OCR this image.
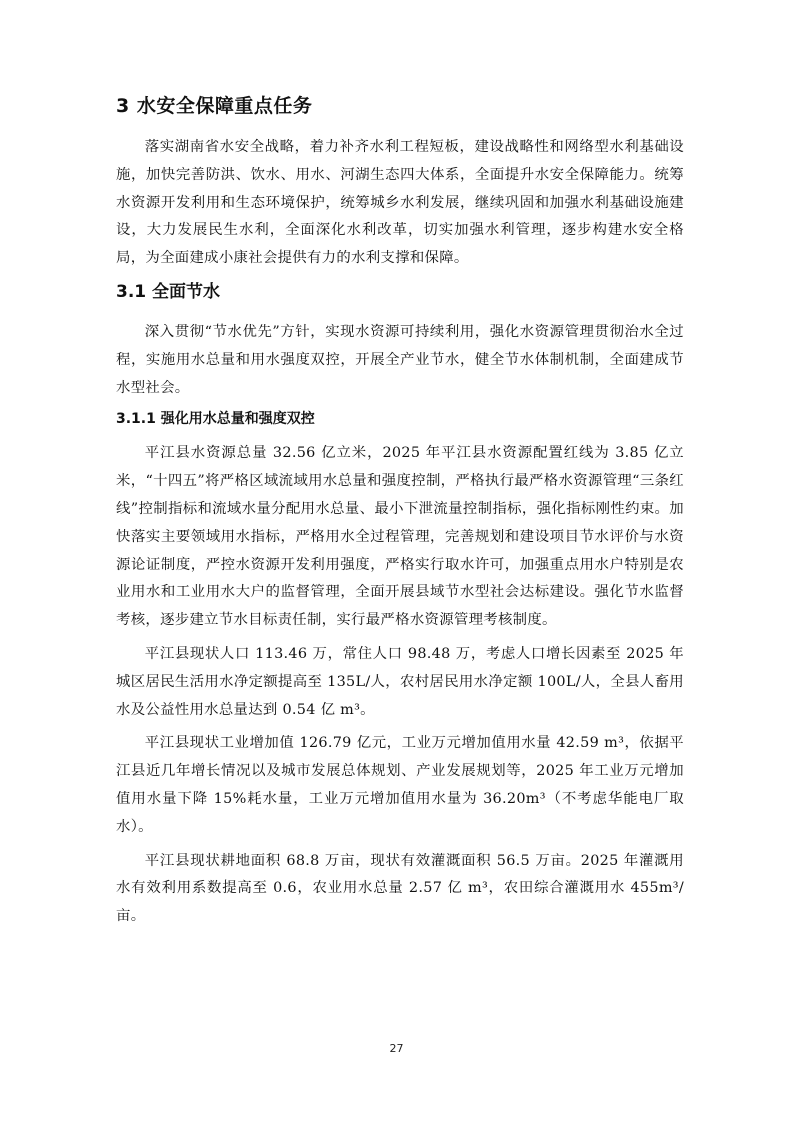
3 水安全保障重点任务

落实湖南省水安全战略，着力补齐水利工程短板，建设战略性和网络型水利基础设施，加快完善防洪、饮水、用水、河湖生态四大体系，全面提升水安全保障能力。统筹水资源开发利用和生态环境保护，统筹城乡水利发展，继续巩固和加强水利基础设施建设，大力发展民生水利，全面深化水利改革，切实加强水利管理，逐步构建水安全格局，为全面建成小康社会提供有力的水利支撑和保障。

3.1 全面节水

深入贯彻“节水优先”方针，实现水资源可持续利用，强化水资源管理贯彻治水全过程，实施用水总量和用水强度双控，开展全产业节水，健全节水体制机制，全面建成节水型社会。

3.1.1 强化用水总量和强度双控

平江县水资源总量 32.56 亿立米，2025 年平江县水资源配置红线为 3.85 亿立米，“十四五”将严格区域流域用水总量和强度控制，严格执行最严格水资源管理“三条红线”控制指标和流域水量分配用水总量、最小下泄流量控制指标，强化指标刚性约束。加快落实主要领域用水指标，严格用水全过程管理，完善规划和建设项目节水评价与水资源论证制度，严控水资源开发利用强度，严格实行取水许可，加强重点用水户特别是农业用水和工业用水大户的监督管理，全面开展县域节水型社会达标建设。强化节水监督考核，逐步建立节水目标责任制，实行最严格水资源管理考核制度。

平江县现状人口 113.46 万，常住人口 98.48 万，考虑人口增长因素至 2025 年城区居民生活用水净定额提高至 135L/人，农村居民用水净定额 100L/人，全县人畜用水及公益性用水总量达到 0.54 亿 m³。

平江县现状工业增加值 126.79 亿元，工业万元增加值用水量 42.59 m³，依据平江县近几年增长情况以及城市发展总体规划、产业发展规划等，2025 年工业万元增加值用水量下降 15%耗水量，工业万元增加值用水量为 36.20m³（不考虑华能电厂取水）。

平江县现状耕地面积 68.8 万亩，现状有效灌溉面积 56.5 万亩。2025 年灌溉用水有效利用系数提高至 0.6，农业用水总量 2.57 亿 m³，农田综合灌溉用水 455m³/亩。

27
